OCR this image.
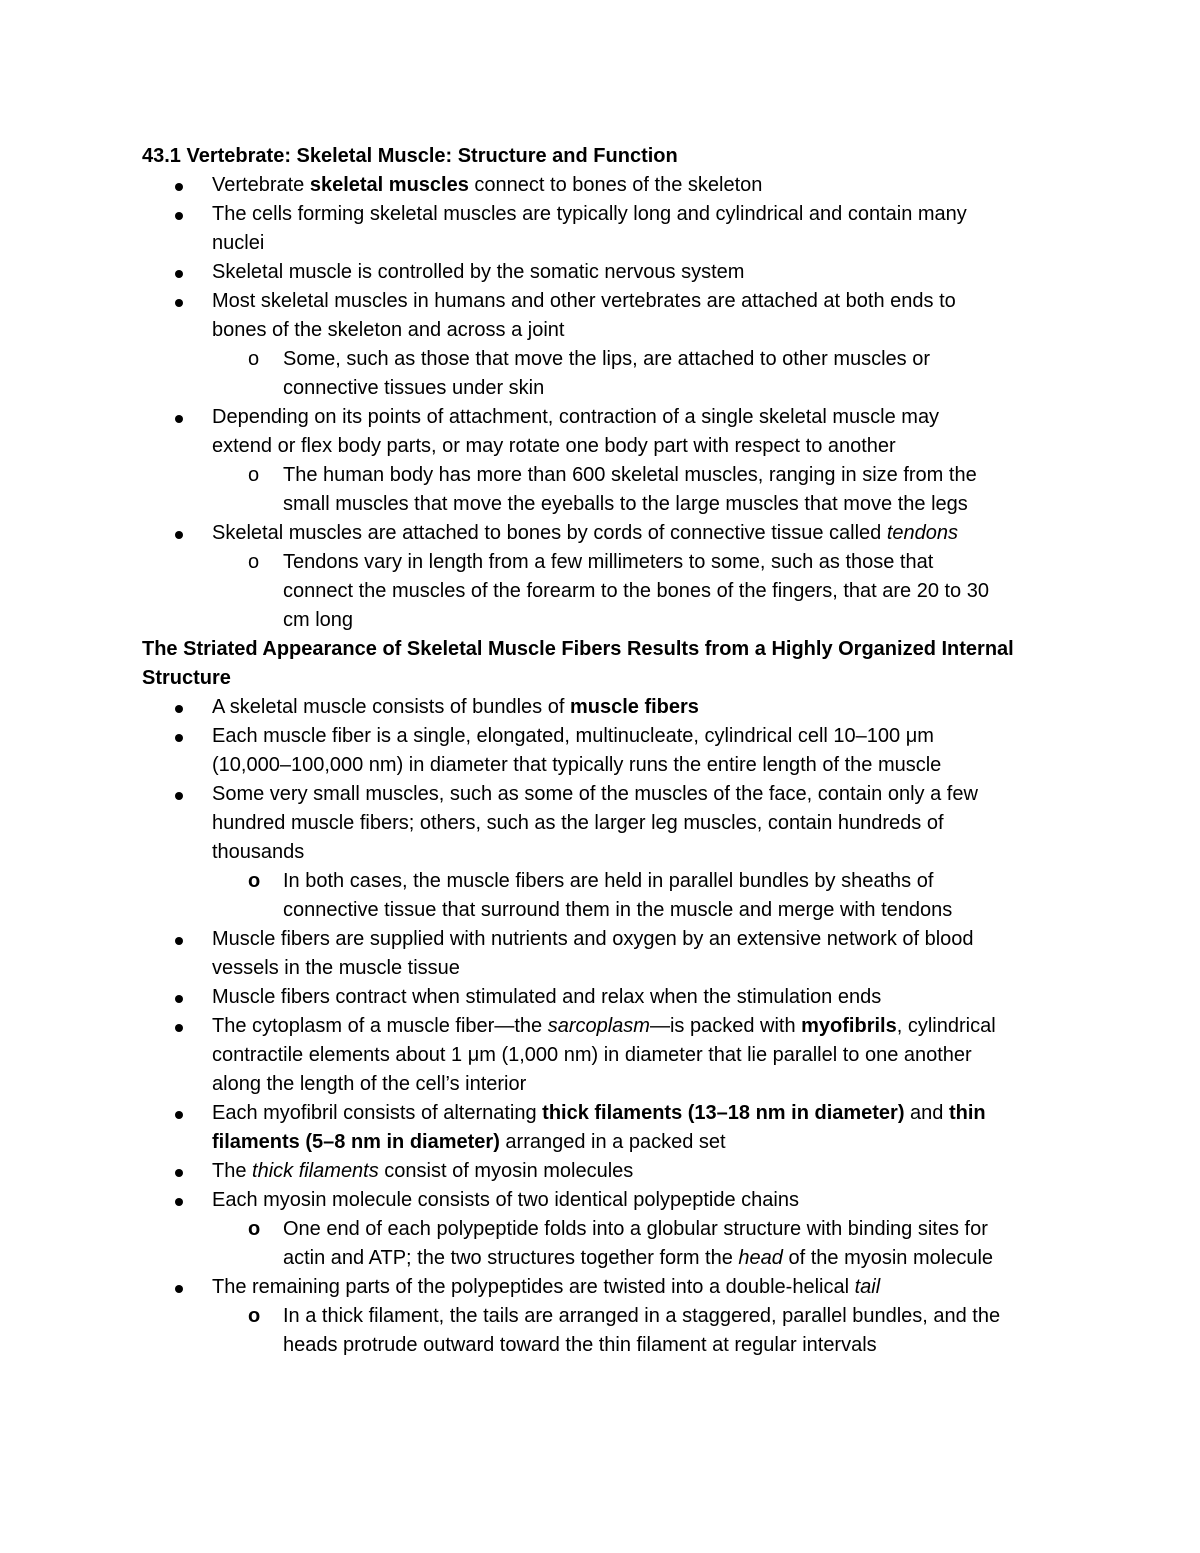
43.1 Vertebrate: Skeletal Muscle: Structure and Function
Vertebrate skeletal muscles connect to bones of the skeleton
The cells forming skeletal muscles are typically long and cylindrical and contain many
nuclei
Skeletal muscle is controlled by the somatic nervous system
Most skeletal muscles in humans and other vertebrates are attached at both ends to
bones of the skeleton and across a joint
o Some, such as those that move the lips, are attached to other muscles or
connective tissues under skin
Depending on its points of attachment, contraction of a single skeletal muscle may
extend or flex body parts, or may rotate one body part with respect to another
o The human body has more than 600 skeletal muscles, ranging in size from the
small muscles that move the eyeballs to the large muscles that move the legs
Skeletal muscles are attached to bones by cords of connective tissue called tendons
o Tendons vary in length from a few millimeters to some, such as those that
connect the muscles of the forearm to the bones of the fingers, that are 20 to 30
cm long
The Striated Appearance of Skeletal Muscle Fibers Results from a Highly Organized Internal
Structure
A skeletal muscle consists of bundles of muscle fibers
Each muscle fiber is a single, elongated, multinucleate, cylindrical cell 10–100 μm
(10,000–100,000 nm) in diameter that typically runs the entire length of the muscle
Some very small muscles, such as some of the muscles of the face, contain only a few
hundred muscle fibers; others, such as the larger leg muscles, contain hundreds of
thousands
o In both cases, the muscle fibers are held in parallel bundles by sheaths of
connective tissue that surround them in the muscle and merge with tendons
Muscle fibers are supplied with nutrients and oxygen by an extensive network of blood
vessels in the muscle tissue
Muscle fibers contract when stimulated and relax when the stimulation ends
The cytoplasm of a muscle fiber—the sarcoplasm—is packed with myofibrils, cylindrical
contractile elements about 1 μm (1,000 nm) in diameter that lie parallel to one another
along the length of the cell’s interior
Each myofibril consists of alternating thick filaments (13–18 nm in diameter) and thin
filaments (5–8 nm in diameter) arranged in a packed set
The thick filaments consist of myosin molecules
Each myosin molecule consists of two identical polypeptide chains
o One end of each polypeptide folds into a globular structure with binding sites for
actin and ATP; the two structures together form the head of the myosin molecule
The remaining parts of the polypeptides are twisted into a double-helical tail
o In a thick filament, the tails are arranged in a staggered, parallel bundles, and the
heads protrude outward toward the thin filament at regular intervals
